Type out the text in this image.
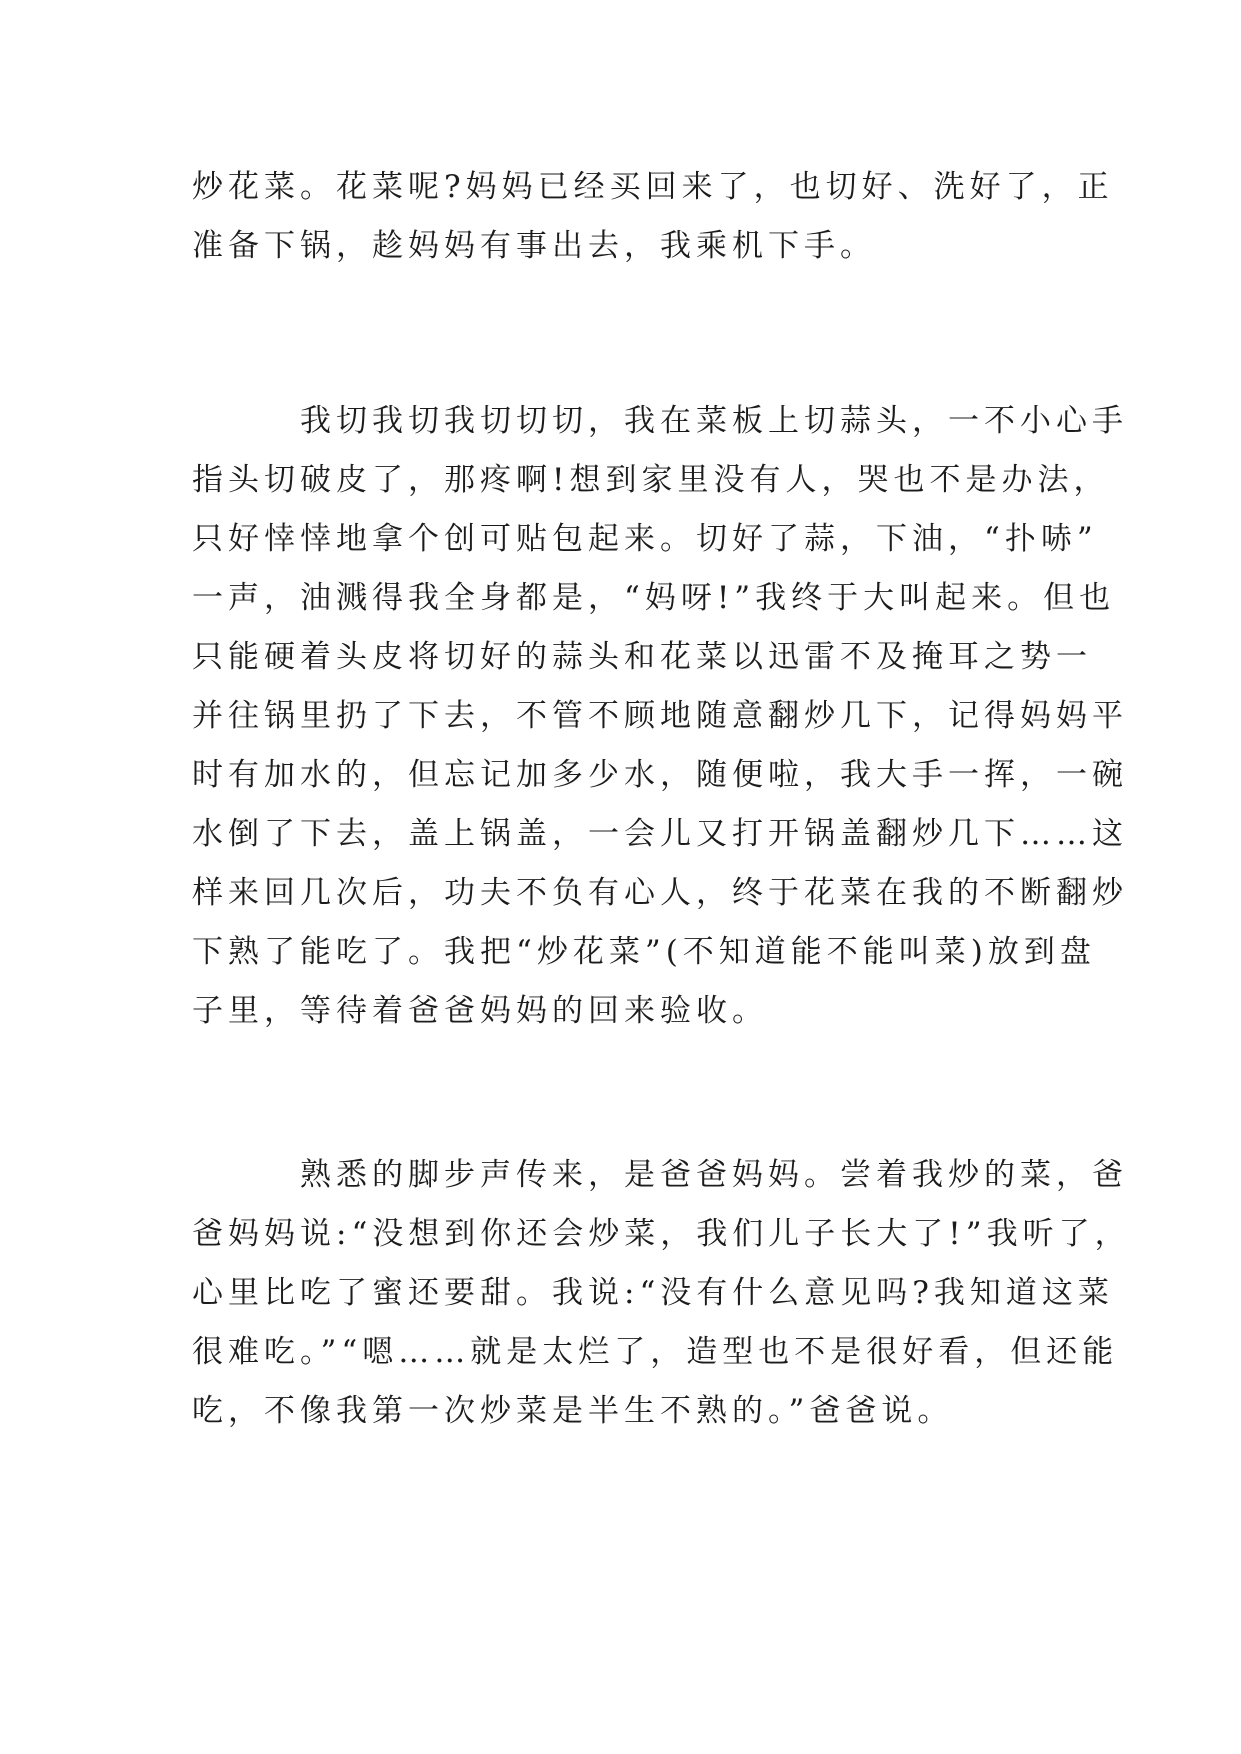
炒花菜。花菜呢?妈妈已经买回来了，也切好、洗好了，正
准备下锅，趁妈妈有事出去，我乘机下手。
我切我切我切切切，我在菜板上切蒜头，一不小心手
指头切破皮了，那疼啊!想到家里没有人，哭也不是办法，
只好悻悻地拿个创可贴包起来。切好了蒜，下油，“扑哧”
一声，油溅得我全身都是，“妈呀!”我终于大叫起来。但也
只能硬着头皮将切好的蒜头和花菜以迅雷不及掩耳之势一
并往锅里扔了下去，不管不顾地随意翻炒几下，记得妈妈平
时有加水的，但忘记加多少水，随便啦，我大手一挥，一碗
水倒了下去，盖上锅盖，一会儿又打开锅盖翻炒几下……这
样来回几次后，功夫不负有心人，终于花菜在我的不断翻炒
下熟了能吃了。我把“炒花菜”(不知道能不能叫菜)放到盘
子里，等待着爸爸妈妈的回来验收。
熟悉的脚步声传来，是爸爸妈妈。尝着我炒的菜，爸
爸妈妈说:“没想到你还会炒菜，我们儿子长大了!”我听了，
心里比吃了蜜还要甜。我说:“没有什么意见吗?我知道这菜
很难吃。”“嗯……就是太烂了，造型也不是很好看，但还能
吃，不像我第一次炒菜是半生不熟的。”爸爸说。
